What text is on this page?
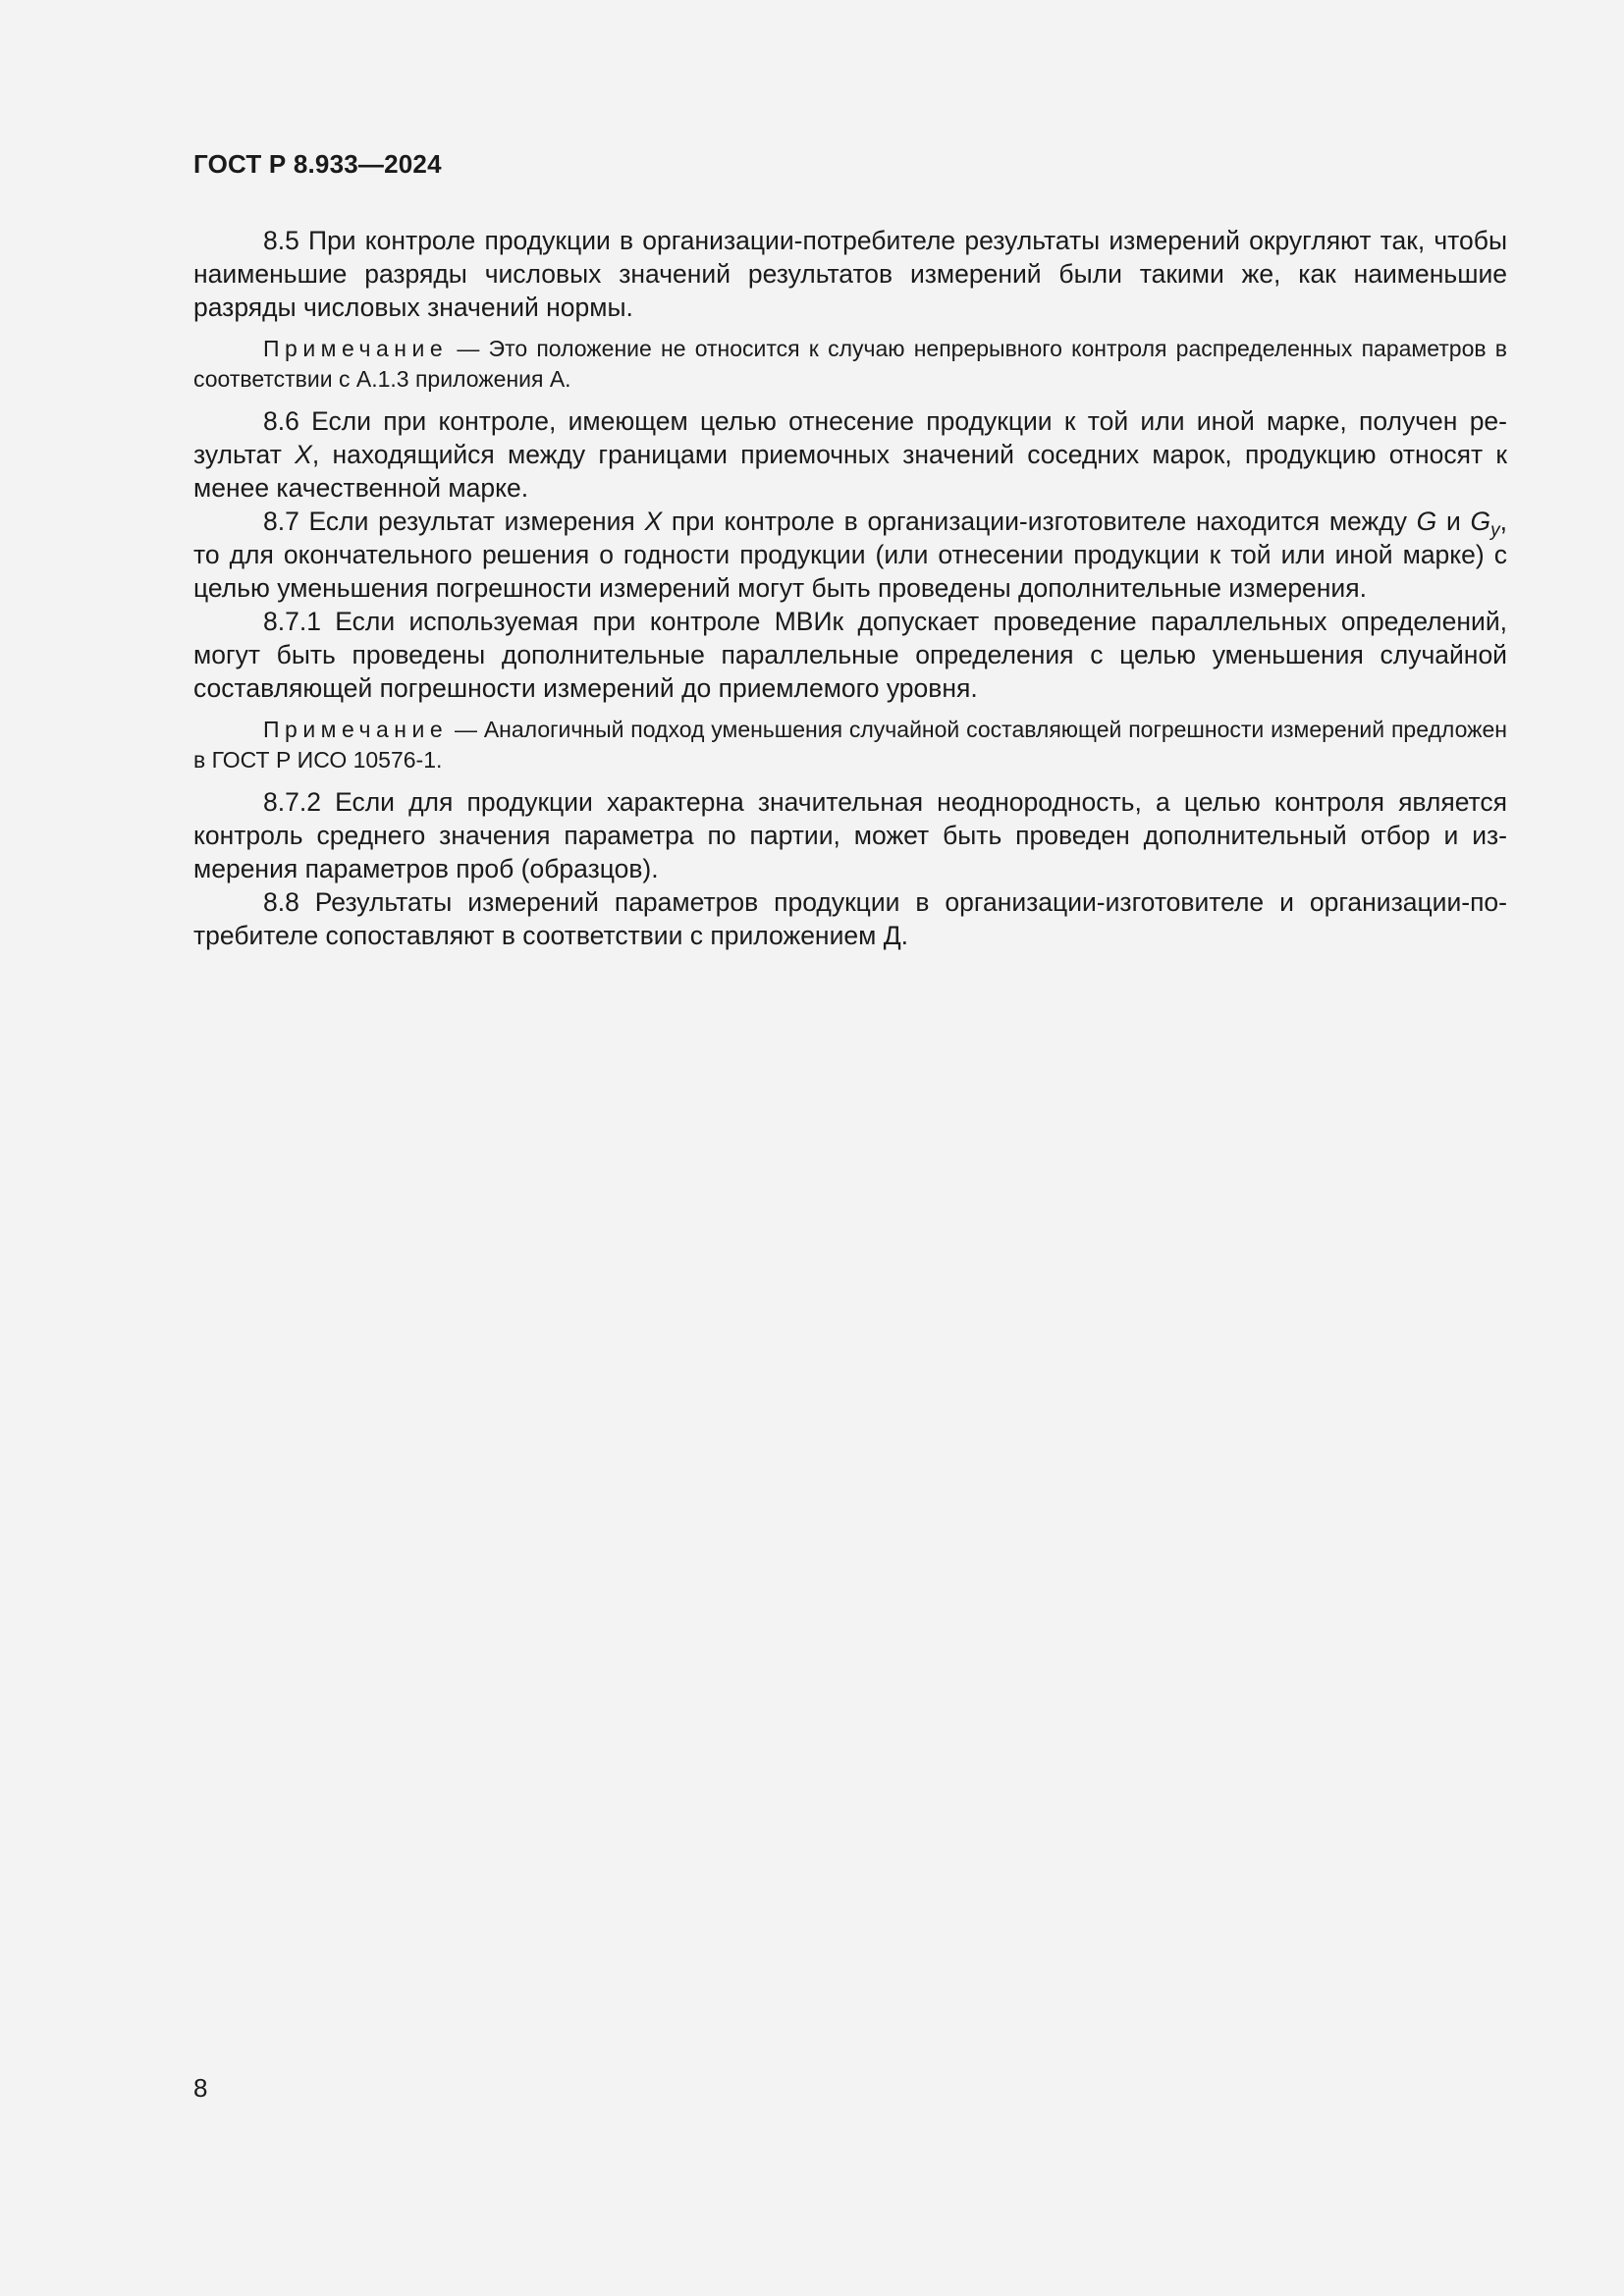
ГОСТ Р 8.933—2024

8.5 При контроле продукции в организации-потребителе результаты измерений округляют так, чтобы наименьшие разряды числовых значений результатов измерений были такими же, как наименьшие разряды числовых значений нормы.

Примечание — Это положение не относится к случаю непрерывного контроля распределенных параметров в соответствии с А.1.3 приложения А.

8.6 Если при контроле, имеющем целью отнесение продукции к той или иной марке, получен результат X, находящийся между границами приемочных значений соседних марок, продукцию относят к менее качественной марке.

8.7 Если результат измерения X при контроле в организации-изготовителе находится между G и $G_y$, то для окончательного решения о годности продукции (или отнесении продукции к той или иной марке) с целью уменьшения погрешности измерений могут быть проведены дополнительные измерения.

8.7.1 Если используемая при контроле МВИк допускает проведение параллельных определений, могут быть проведены дополнительные параллельные определения с целью уменьшения случайной составляющей погрешности измерений до приемлемого уровня.

Примечание — Аналогичный подход уменьшения случайной составляющей погрешности измерений предложен в ГОСТ Р ИСО 10576-1.

8.7.2 Если для продукции характерна значительная неоднородность, а целью контроля является контроль среднего значения параметра по партии, может быть проведен дополнительный отбор и измерения параметров проб (образцов).

8.8 Результаты измерений параметров продукции в организации-изготовителе и организации-потребителе сопоставляют в соответствии с приложением Д.

8
